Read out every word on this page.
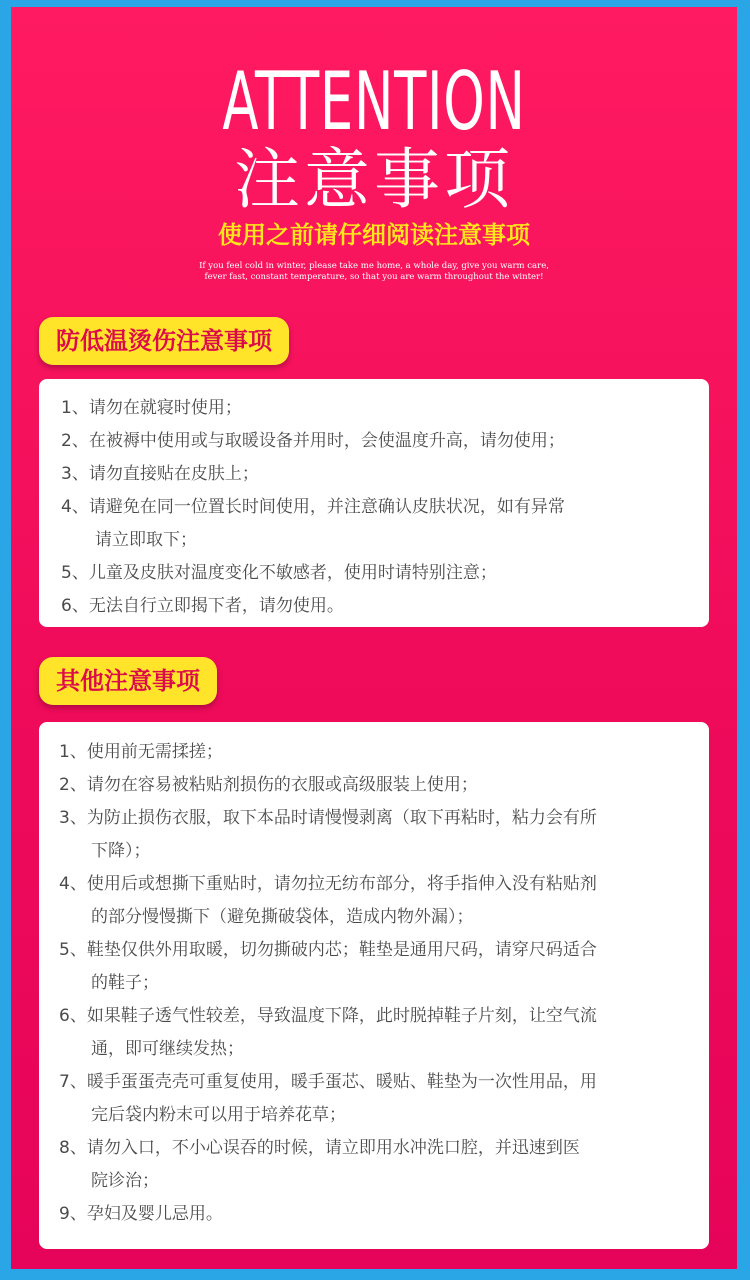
ATTENTION
注意事项
使用之前请仔细阅读注意事项
If you feel cold in winter, please take me home, a whole day, give you warm care,
fever fast, constant temperature, so that you are warm throughout the winter!
防低温烫伤注意事项
1、请勿在就寝时使用；
2、在被褥中使用或与取暖设备并用时，会使温度升高，请勿使用；
3、请勿直接贴在皮肤上；
4、请避免在同一位置长时间使用，并注意确认皮肤状况，如有异常
请立即取下；
5、儿童及皮肤对温度变化不敏感者，使用时请特别注意；
6、无法自行立即揭下者，请勿使用。
其他注意事项
1、使用前无需揉搓；
2、请勿在容易被粘贴剂损伤的衣服或高级服装上使用；
3、为防止损伤衣服，取下本品时请慢慢剥离（取下再粘时，粘力会有所
下降）；
4、使用后或想撕下重贴时，请勿拉无纺布部分，将手指伸入没有粘贴剂
的部分慢慢撕下（避免撕破袋体，造成内物外漏）；
5、鞋垫仅供外用取暖，切勿撕破内芯；鞋垫是通用尺码，请穿尺码适合
的鞋子；
6、如果鞋子透气性较差，导致温度下降，此时脱掉鞋子片刻，让空气流
通，即可继续发热；
7、暖手蛋蛋壳壳可重复使用，暖手蛋芯、暖贴、鞋垫为一次性用品，用
完后袋内粉末可以用于培养花草；
8、请勿入口，不小心误吞的时候，请立即用水冲洗口腔，并迅速到医
院诊治；
9、孕妇及婴儿忌用。
